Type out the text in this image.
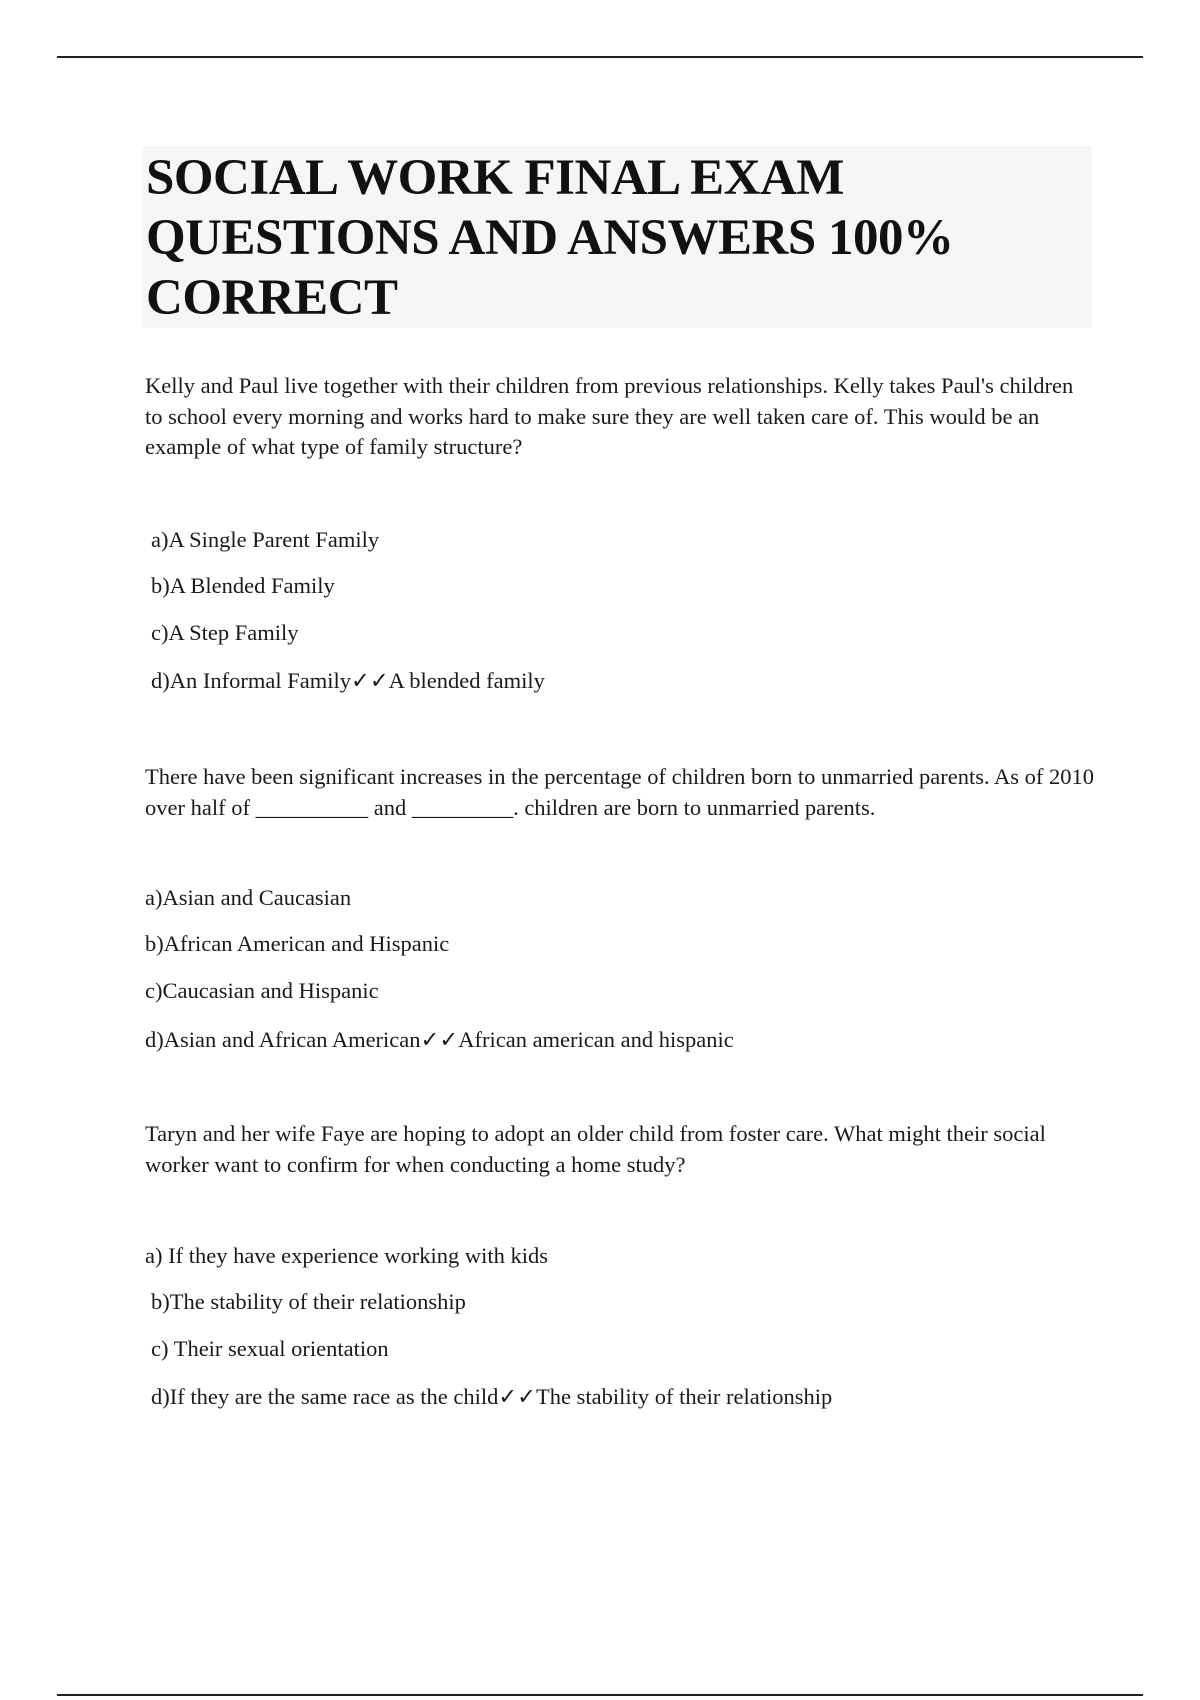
SOCIAL WORK FINAL EXAM QUESTIONS AND ANSWERS 100% CORRECT

Kelly and Paul live together with their children from previous relationships. Kelly takes Paul's children to school every morning and works hard to make sure they are well taken care of. This would be an example of what type of family structure?

a)A Single Parent Family

b)A Blended Family

c)A Step Family

d)An Informal Family✓✓A blended family

There have been significant increases in the percentage of children born to unmarried parents. As of 2010 over half of __________ and _________. children are born to unmarried parents.

a)Asian and Caucasian

b)African American and Hispanic

c)Caucasian and Hispanic

d)Asian and African American✓✓African american and hispanic

Taryn and her wife Faye are hoping to adopt an older child from foster care. What might their social worker want to confirm for when conducting a home study?

a) If they have experience working with kids

b)The stability of their relationship

c) Their sexual orientation

d)If they are the same race as the child✓✓The stability of their relationship
